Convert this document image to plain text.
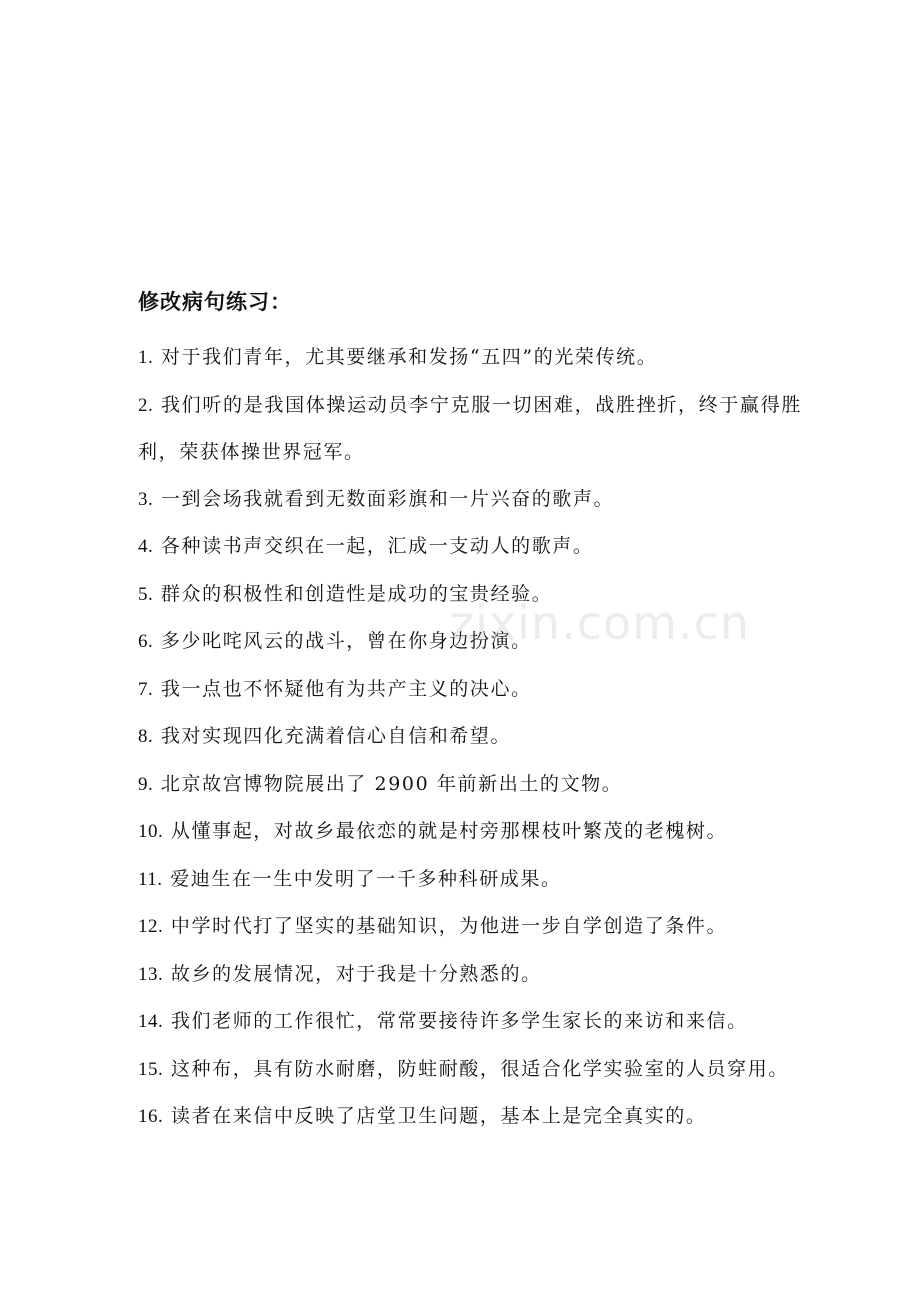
修改病句练习：

1. 对于我们青年，尤其要继承和发扬“五四”的光荣传统。

2. 我们听的是我国体操运动员李宁克服一切困难，战胜挫折，终于赢得胜利，荣获体操世界冠军。

3. 一到会场我就看到无数面彩旗和一片兴奋的歌声。

4. 各种读书声交织在一起，汇成一支动人的歌声。

5. 群众的积极性和创造性是成功的宝贵经验。

6. 多少叱咤风云的战斗，曾在你身边扮演。

7. 我一点也不怀疑他有为共产主义的决心。

8. 我对实现四化充满着信心自信和希望。

9. 北京故宫博物院展出了 2900 年前新出土的文物。

10. 从懂事起，对故乡最依恋的就是村旁那棵枝叶繁茂的老槐树。

11. 爱迪生在一生中发明了一千多种科研成果。

12. 中学时代打了坚实的基础知识，为他进一步自学创造了条件。

13. 故乡的发展情况，对于我是十分熟悉的。

14. 我们老师的工作很忙，常常要接待许多学生家长的来访和来信。

15. 这种布，具有防水耐磨，防蛀耐酸，很适合化学实验室的人员穿用。

16. 读者在来信中反映了店堂卫生问题，基本上是完全真实的。

zixin.com.cn
